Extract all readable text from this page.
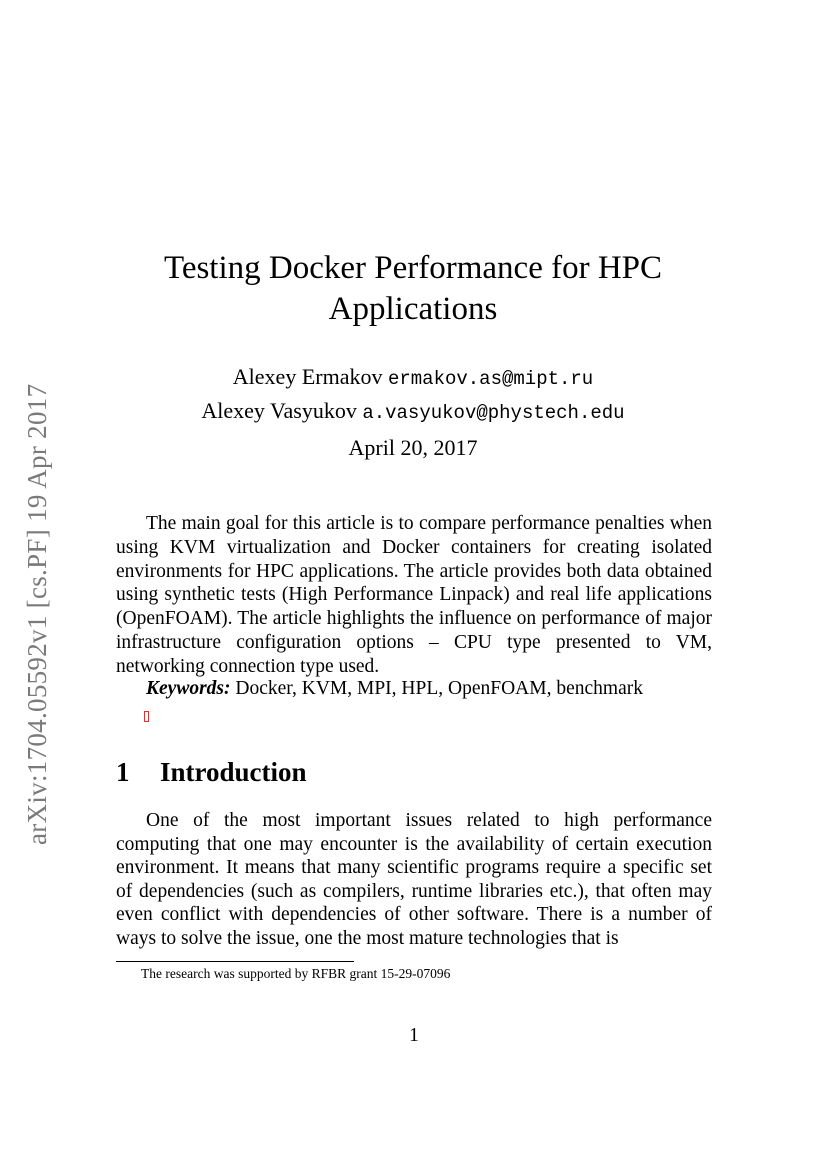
arXiv:1704.05592v1 [cs.PF] 19 Apr 2017
Testing Docker Performance for HPC
Applications
Alexey Ermakov ermakov.as@mipt.ru
Alexey Vasyukov a.vasyukov@phystech.edu
April 20, 2017

The main goal for this article is to compare performance penalties when using KVM virtualization and Docker containers for creating isolated environments for HPC applications. The article provides both data obtained using synthetic tests (High Performance Linpack) and real life applications (OpenFOAM). The article highlights the influence on performance of major infrastructure configuration options – CPU type presented to VM, networking connection type used.

Keywords: Docker, KVM, MPI, HPL, OpenFOAM, benchmark
1 Introduction

One of the most important issues related to high performance computing that one may encounter is the availability of certain execution environment. It means that many scientific programs require a specific set of dependencies (such as compilers, runtime libraries etc.), that often may even conflict with dependencies of other software. There is a number of ways to solve the issue, one the most mature technologies that is

The research was supported by RFBR grant 15-29-07096
1
